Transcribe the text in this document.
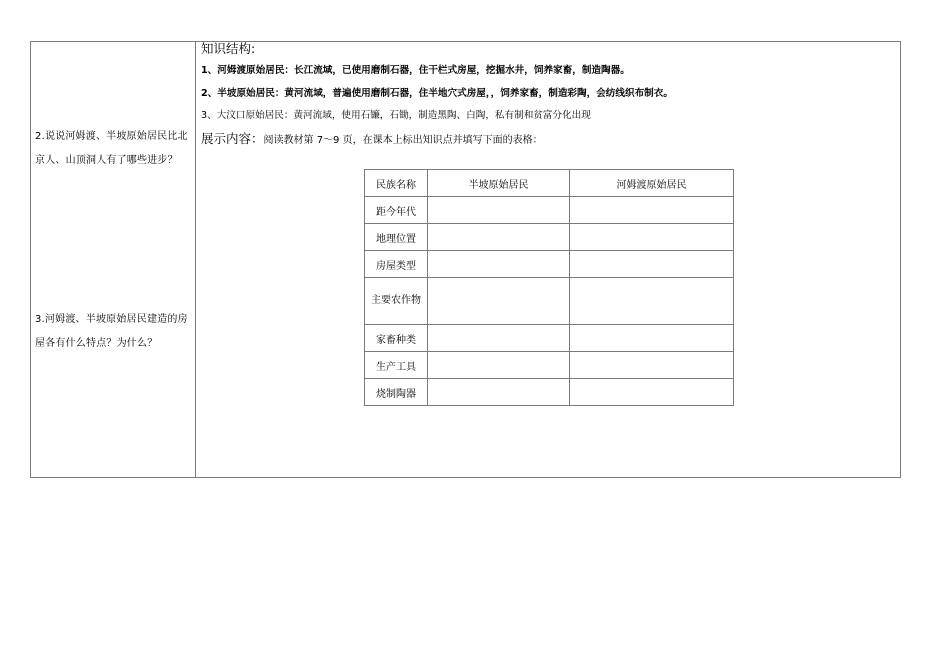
2.说说河姆渡、半坡原始居民比北京人、山顶洞人有了哪些进步？
3.河姆渡、半坡原始居民建造的房屋各有什么特点？为什么？
知识结构:
1、河姆渡原始居民：长江流域，已使用磨制石器，住干栏式房屋，挖掘水井，饲养家畜，制造陶器。
2、半坡原始居民：黄河流域，普遍使用磨制石器，住半地穴式房屋，，饲养家畜，制造彩陶，会纺线织布制衣。
3、大汶口原始居民：黄河流域，使用石镰，石锄，制造黑陶、白陶，私有制和贫富分化出现
展示内容：阅读教材第 7～9 页，在课本上标出知识点并填写下面的表格：
民族名称	半坡原始居民	河姆渡原始居民
距今年代		
地理位置		
房屋类型		

主要农作物		

家畜种类		
生产工具		
烧制陶器		
